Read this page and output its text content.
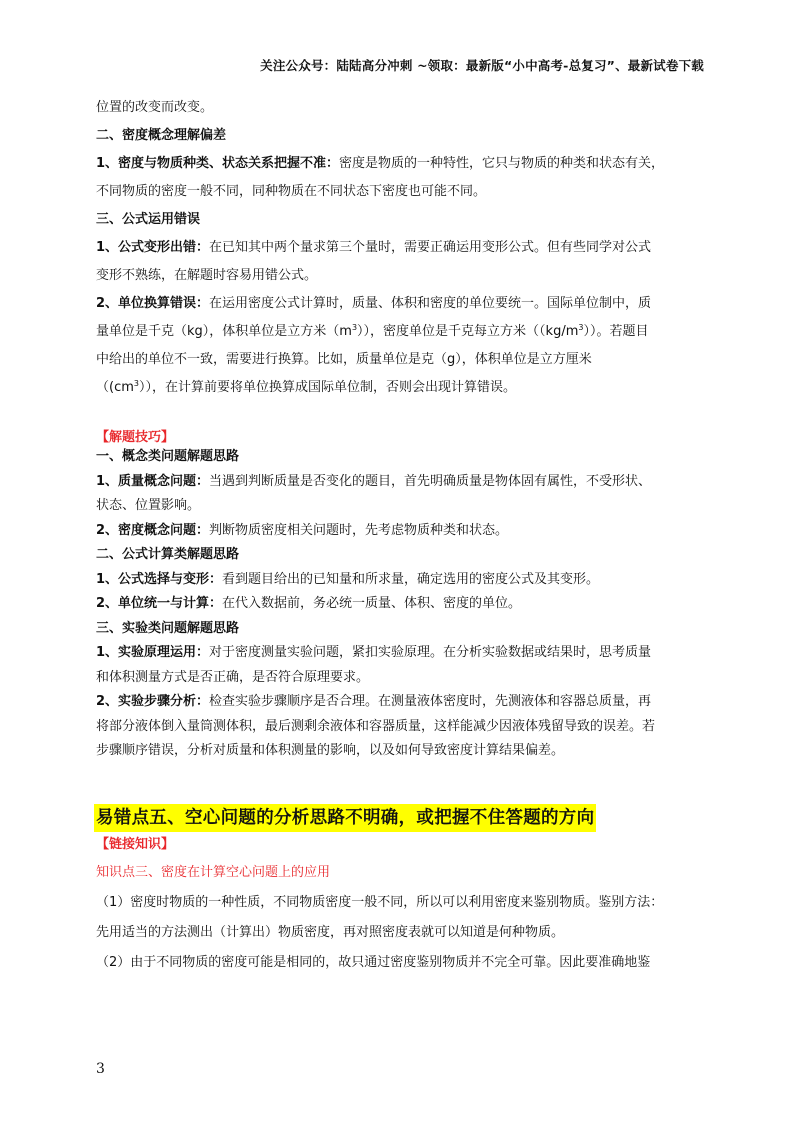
关注公众号：陆陆高分冲刺 ~领取：最新版“小中高考-总复习”、最新试卷下载

位置的改变而改变。

二、密度概念理解偏差

1、密度与物质种类、状态关系把握不准：密度是物质的一种特性，它只与物质的种类和状态有关，
不同物质的密度一般不同，同种物质在不同状态下密度也可能不同。

三、公式运用错误

1、公式变形出错：在已知其中两个量求第三个量时，需要正确运用变形公式。但有些同学对公式
变形不熟练，在解题时容易用错公式。

2、单位换算错误：在运用密度公式计算时，质量、体积和密度的单位要统一。国际单位制中，质
量单位是千克（kg），体积单位是立方米$(m^3)$），密度单位是千克每立方米$((kg/m^3))$。若题目
中给出的单位不一致，需要进行换算。比如，质量单位是克（g），体积单位是立方厘米
$((cm^3))$，在计算前要将单位换算成国际单位制，否则会出现计算错误。

【解题技巧】
一、概念类问题解题思路

1、质量概念问题：当遇到判断质量是否变化的题目，首先明确质量是物体固有属性，不受形状、
状态、位置影响。

2、密度概念问题：判断物质密度相关问题时，先考虑物质种类和状态。

二、公式计算类解题思路

1、公式选择与变形：看到题目给出的已知量和所求量，确定选用的密度公式及其变形。

2、单位统一与计算：在代入数据前，务必统一质量、体积、密度的单位。

三、实验类问题解题思路

1、实验原理运用：对于密度测量实验问题，紧扣实验原理。在分析实验数据或结果时，思考质量
和体积测量方式是否正确，是否符合原理要求。

2、实验步骤分析：检查实验步骤顺序是否合理。在测量液体密度时，先测液体和容器总质量，再
将部分液体倒入量筒测体积，最后测剩余液体和容器质量，这样能减少因液体残留导致的误差。若
步骤顺序错误，分析对质量和体积测量的影响，以及如何导致密度计算结果偏差。

易错点五、空心问题的分析思路不明确，或把握不住答题的方向
【链接知识】

知识点三、密度在计算空心问题上的应用

（1）密度时物质的一种性质，不同物质密度一般不同，所以可以利用密度来鉴别物质。鉴别方法：
先用适当的方法测出（计算出）物质密度，再对照密度表就可以知道是何种物质。

（2）由于不同物质的密度可能是相同的，故只通过密度鉴别物质并不完全可靠。因此要准确地鉴

3
